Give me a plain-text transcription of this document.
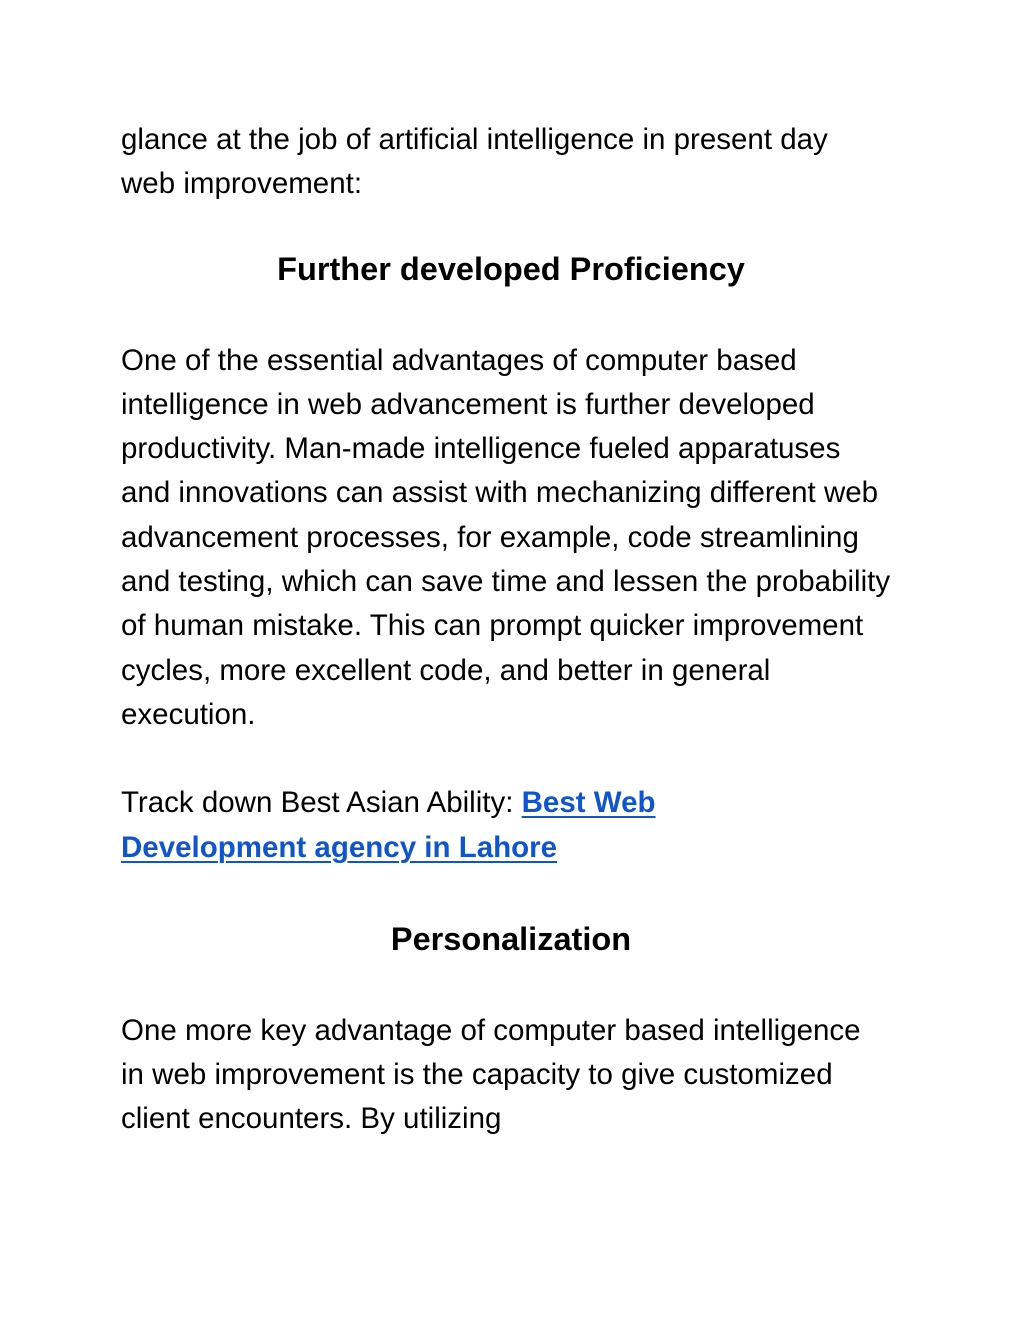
glance at the job of artificial intelligence in present day web improvement:

Further developed Proficiency

One of the essential advantages of computer based intelligence in web advancement is further developed productivity. Man-made intelligence fueled apparatuses and innovations can assist with mechanizing different web advancement processes, for example, code streamlining and testing, which can save time and lessen the probability of human mistake. This can prompt quicker improvement cycles, more excellent code, and better in general execution.

Track down Best Asian Ability: Best Web Development agency in Lahore

Personalization

One more key advantage of computer based intelligence in web improvement is the capacity to give customized client encounters. By utilizing
